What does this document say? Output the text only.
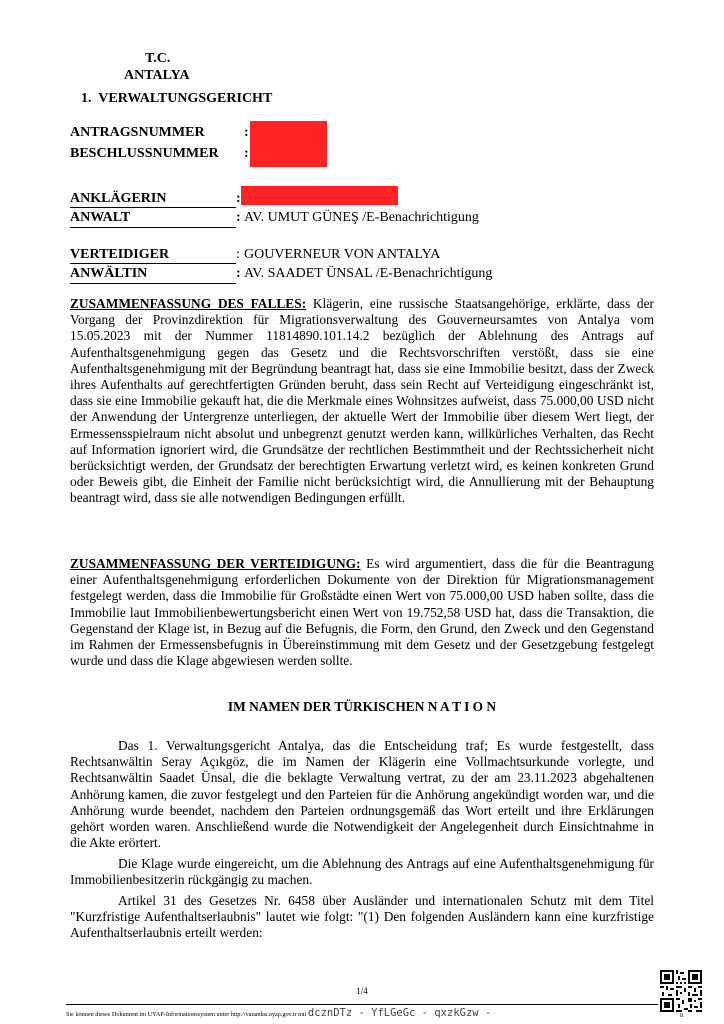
T.C.
ANTALYA
1.  VERWALTUNGSGERICHT
ANTRAGSNUMMER	:
BESCHLUSSNUMMER :
ANKLÄGERIN	:
ANWALT	: AV. UMUT GÜNEŞ /E-Benachrichtigung
VERTEIDIGER	: GOUVERNEUR VON ANTALYA
ANWÄLTIN	: AV. SAADET ÜNSAL /E-Benachrichtigung
ZUSAMMENFASSUNG DES FALLES: Klägerin, eine russische Staatsangehörige, erklärte, dass der Vorgang der Provinzdirektion für Migrationsverwaltung des Gouverneursamtes von Antalya vom 15.05.2023 mit der Nummer 11814890.101.14.2 bezüglich der Ablehnung des Antrags auf Aufenthaltsgenehmigung gegen das Gesetz und die Rechtsvorschriften verstößt, dass sie eine Aufenthaltsgenehmigung mit der Begründung beantragt hat, dass sie eine Immobilie besitzt, dass der Zweck ihres Aufenthalts auf gerechtfertigten Gründen beruht, dass sein Recht auf Verteidigung eingeschränkt ist, dass sie eine Immobilie gekauft hat, die die Merkmale eines Wohnsitzes aufweist, dass 75.000,00 USD nicht der Anwendung der Untergrenze unterliegen, der aktuelle Wert der Immobilie über diesem Wert liegt, der Ermessensspielraum nicht absolut und unbegrenzt genutzt werden kann, willkürliches Verhalten, das Recht auf Information ignoriert wird, die Grundsätze der rechtlichen Bestimmtheit und der Rechtssicherheit nicht berücksichtigt werden, der Grundsatz der berechtigten Erwartung verletzt wird, es keinen konkreten Grund oder Beweis gibt, die Einheit der Familie nicht berücksichtigt wird, die Annullierung mit der Behauptung beantragt wird, dass sie alle notwendigen Bedingungen erfüllt.
ZUSAMMENFASSUNG DER VERTEIDIGUNG: Es wird argumentiert, dass die für die Beantragung einer Aufenthaltsgenehmigung erforderlichen Dokumente von der Direktion für Migrationsmanagement festgelegt werden, dass die Immobilie für Großstädte einen Wert von 75.000,00 USD haben sollte, dass die Immobilie laut Immobilienbewertungsbericht einen Wert von 19.752,58 USD hat, dass die Transaktion, die Gegenstand der Klage ist, in Bezug auf die Befugnis, die Form, den Grund, den Zweck und den Gegenstand im Rahmen der Ermessensbefugnis in Übereinstimmung mit dem Gesetz und der Gesetzgebung festgelegt wurde und dass die Klage abgewiesen werden sollte.
IM NAMEN DER TÜRKISCHEN N A T I O N
Das 1. Verwaltungsgericht Antalya, das die Entscheidung traf; Es wurde festgestellt, dass Rechtsanwältin Seray Açıkgöz, die im Namen der Klägerin eine Vollmachtsurkunde vorlegte, und Rechtsanwältin Saadet Ünsal, die die beklagte Verwaltung vertrat, zu der am 23.11.2023 abgehaltenen Anhörung kamen, die zuvor festgelegt und den Parteien für die Anhörung angekündigt worden war, und die Anhörung wurde beendet, nachdem den Parteien ordnungsgemäß das Wort erteilt und ihre Erklärungen gehört worden waren. Anschließend wurde die Notwendigkeit der Angelegenheit durch Einsichtnahme in die Akte erörtert.
Die Klage wurde eingereicht, um die Ablehnung des Antrags auf eine Aufenthaltsgenehmigung für Immobilienbesitzerin rückgängig zu machen.
Artikel 31 des Gesetzes Nr. 6458 über Ausländer und internationalen Schutz mit dem Titel "Kurzfristige Aufenthaltserlaubnis" lautet wie folgt: "(1) Den folgenden Ausländern kann eine kurzfristige Aufenthaltserlaubnis erteilt werden:
1/4
Sie können dieses Dokument im UYAP-Informationssystem unter http://vatandas.uyap.gov.tr mit dcznDTz - YfLGeGc - qxzkGzw -	n
